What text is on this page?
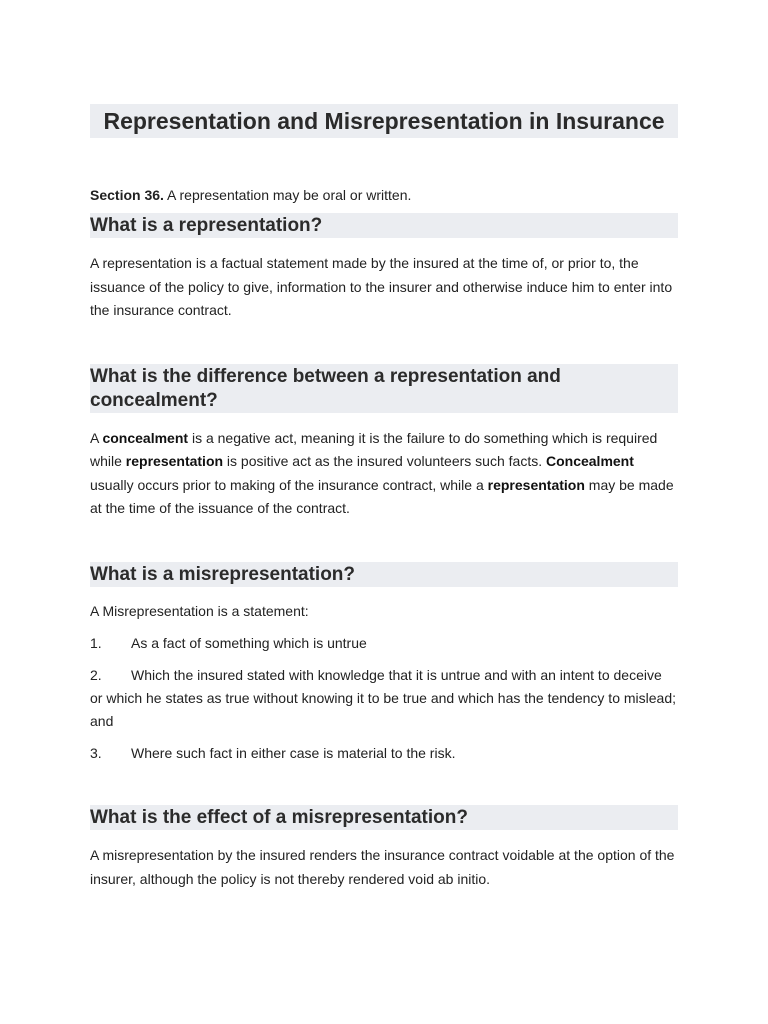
Representation and Misrepresentation in Insurance
Section 36. A representation may be oral or written.
What is a representation?
A representation is a factual statement made by the insured at the time of, or prior to, the issuance of the policy to give, information to the insurer and otherwise induce him to enter into the insurance contract.
What is the difference between a representation and concealment?
A concealment is a negative act, meaning it is the failure to do something which is required while representation is positive act as the insured volunteers such facts. Concealment usually occurs prior to making of the insurance contract, while a representation may be made at the time of the issuance of the contract.
What is a misrepresentation?
A Misrepresentation is a statement:
1. As a fact of something which is untrue
2. Which the insured stated with knowledge that it is untrue and with an intent to deceive or which he states as true without knowing it to be true and which has the tendency to mislead; and
3. Where such fact in either case is material to the risk.
What is the effect of a misrepresentation?
A misrepresentation by the insured renders the insurance contract voidable at the option of the insurer, although the policy is not thereby rendered void ab initio.
